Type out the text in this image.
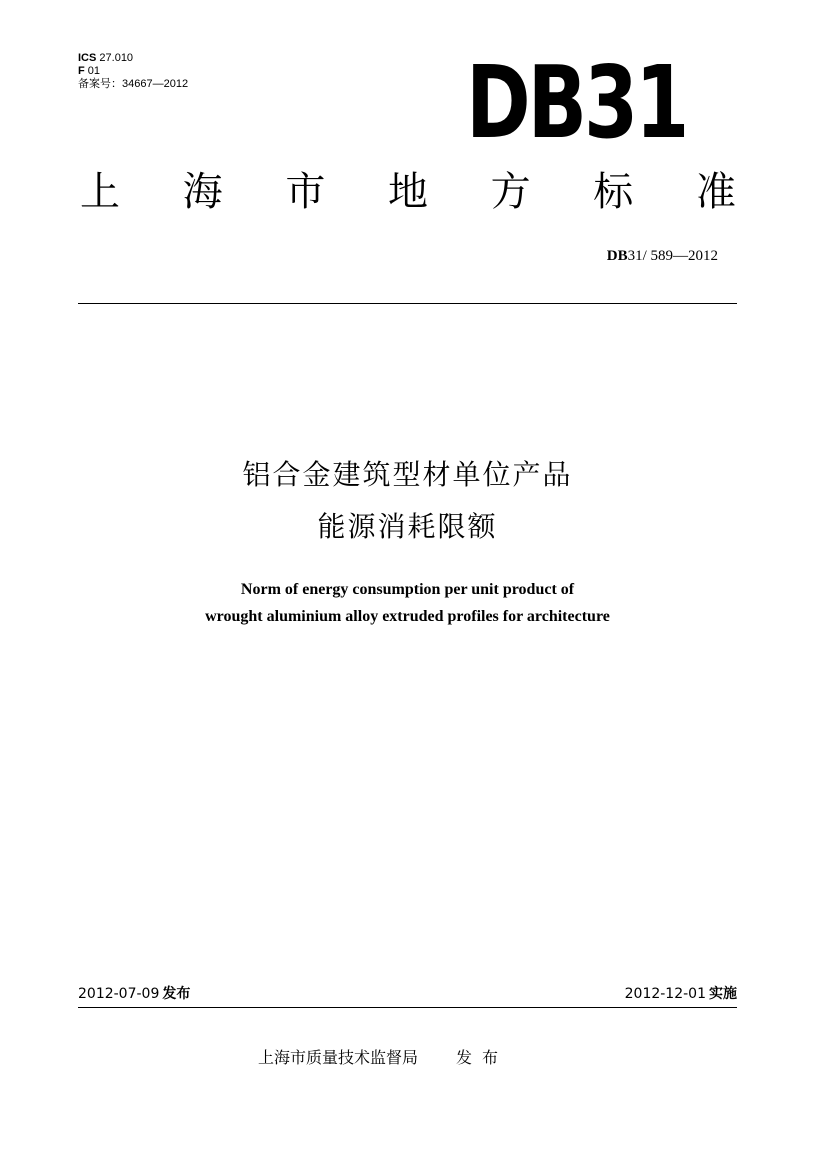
ICS 27.010
F 01
备案号：34667—2012	DB31
上 海 市 地 方 标 准
DB31/ 589—2012
铝合金建筑型材单位产品
能源消耗限额
Norm of energy consumption per unit product of
wrought aluminium alloy extruded profiles for architecture
2012-07-09 发布	2012-12-01 实施
上海市质量技术监督局 发布
